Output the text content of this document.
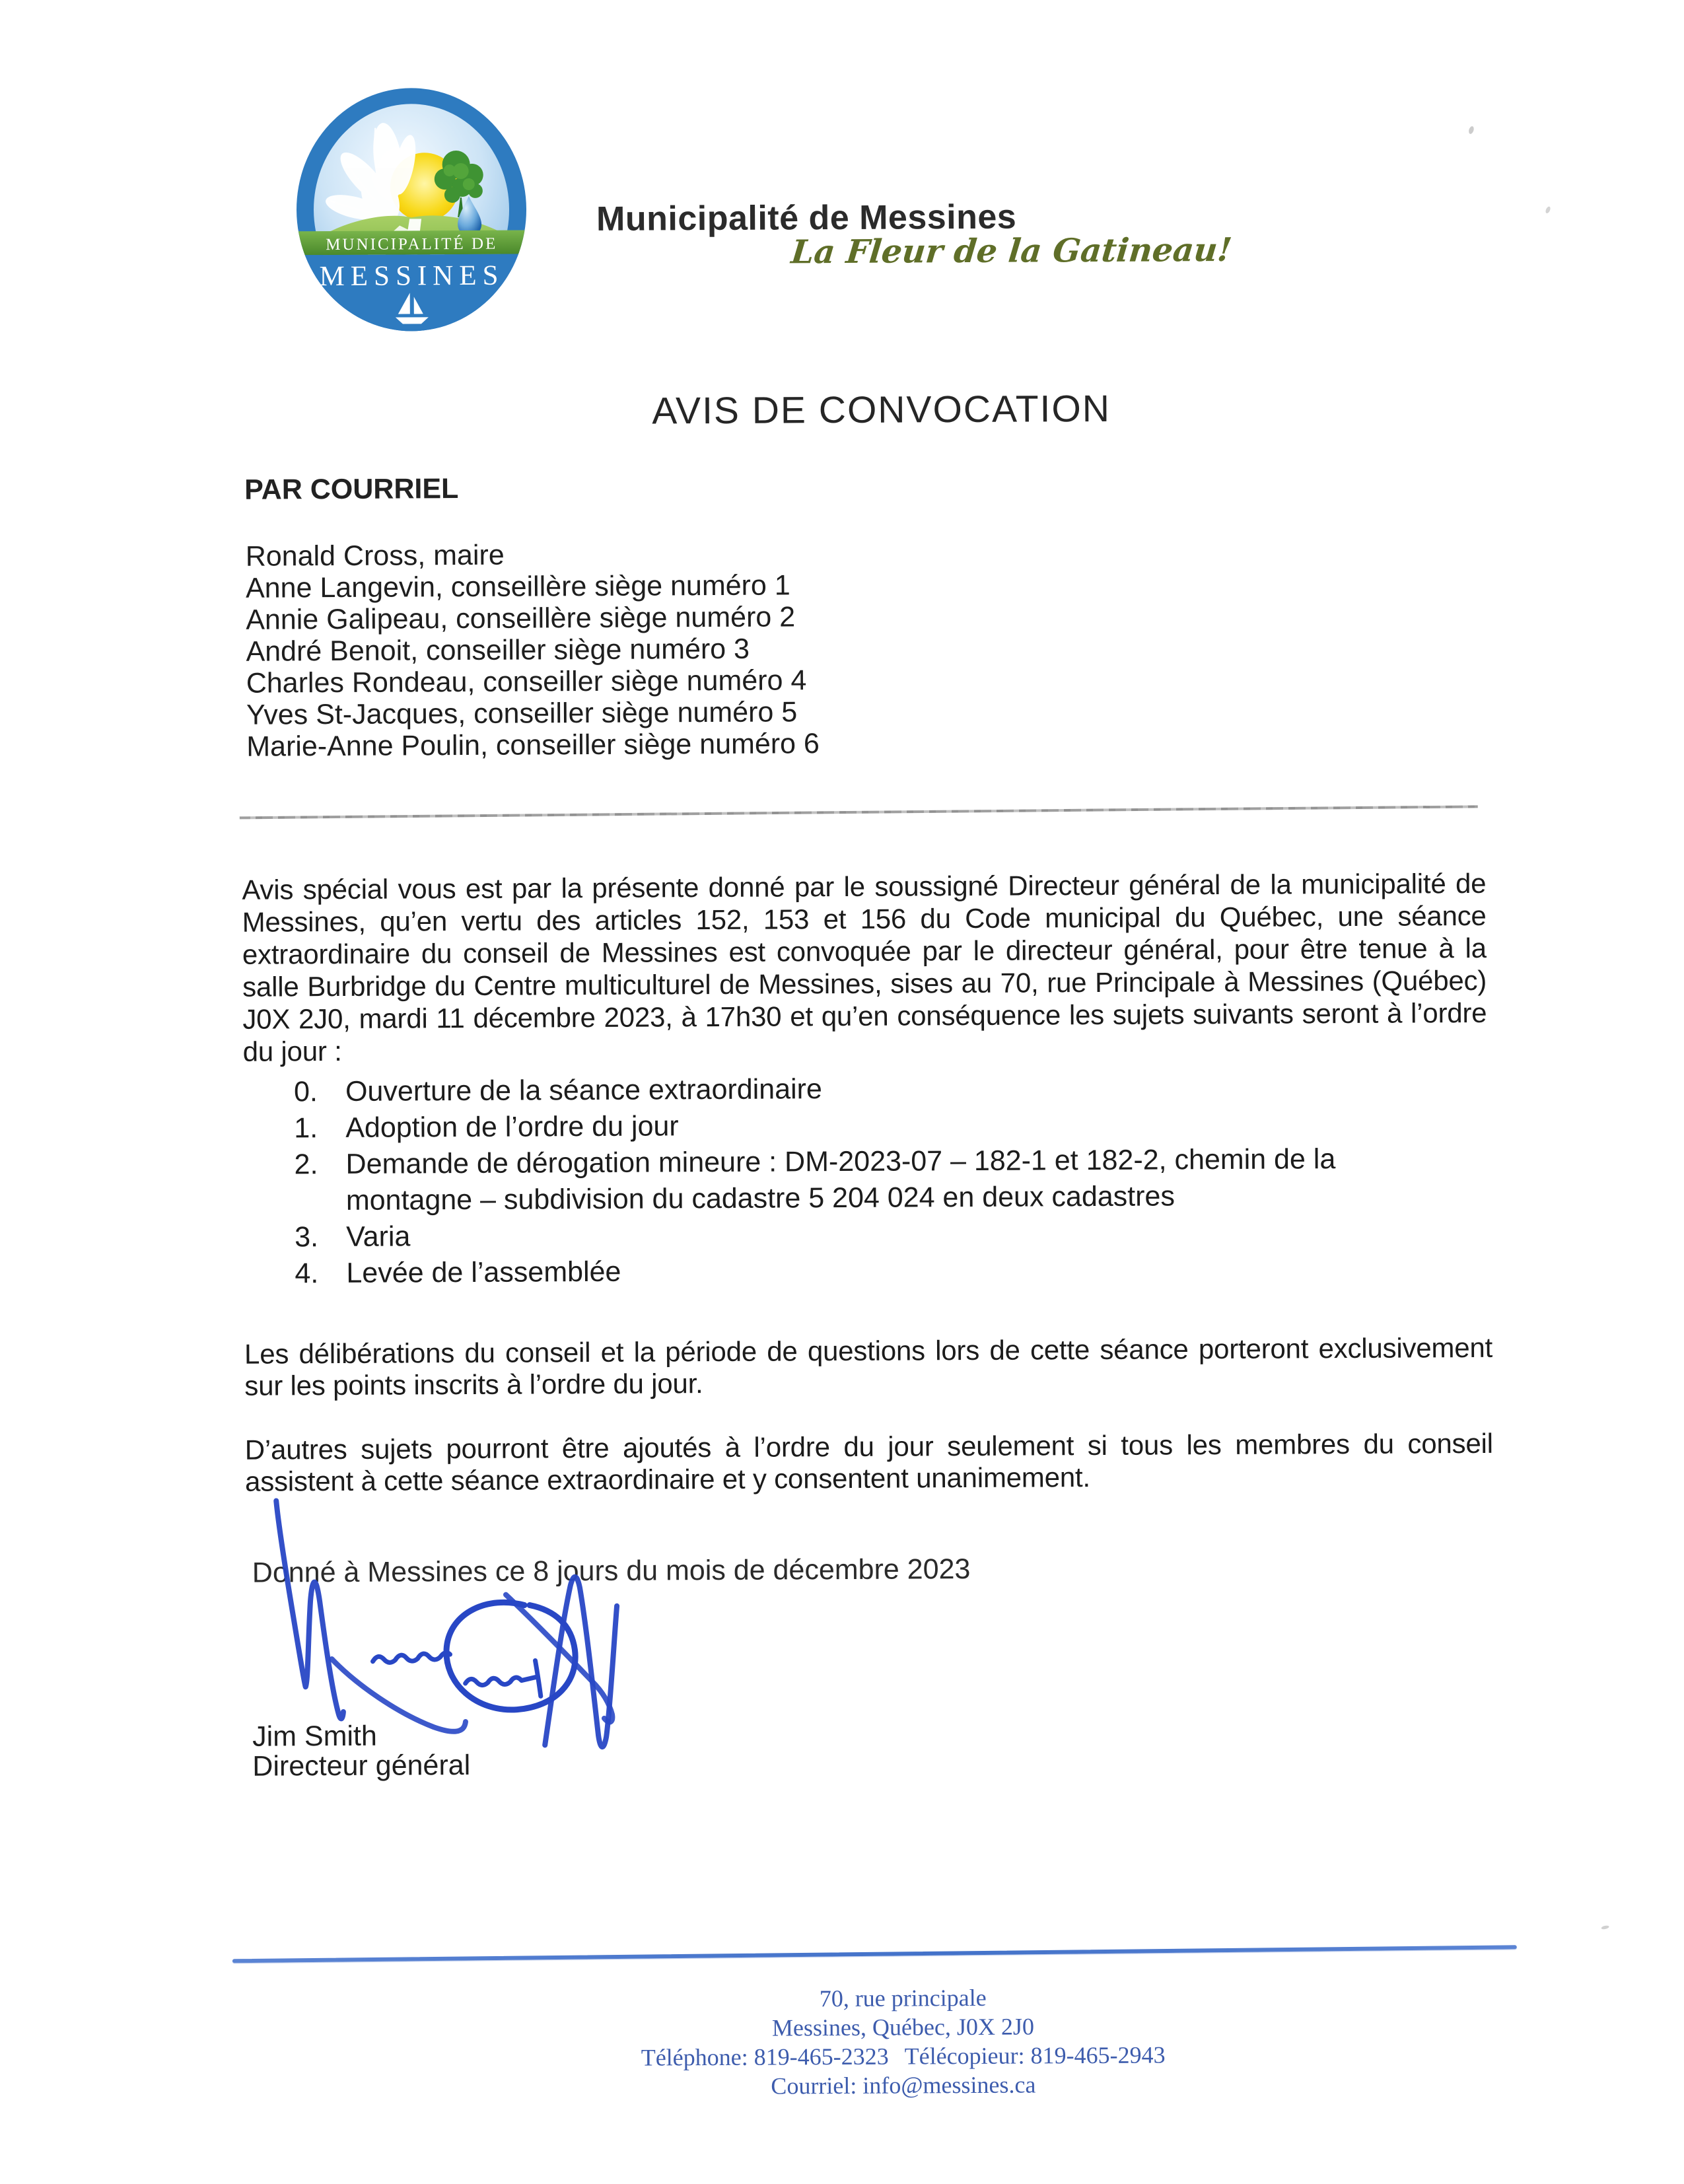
MUNICIPALITÉ DE
MESSINES
Municipalité de Messines
La Fleur de la Gatineau!
AVIS DE CONVOCATION
PAR COURRIEL
Ronald Cross, maire
Anne Langevin, conseillère siège numéro 1
Annie Galipeau, conseillère siège numéro 2
André Benoit, conseiller siège numéro 3
Charles Rondeau, conseiller siège numéro 4
Yves St-Jacques, conseiller siège numéro 5
Marie-Anne Poulin, conseiller siège numéro 6
Avis spécial vous est par la présente donné par le soussigné Directeur général de la municipalité de Messines, qu’en vertu des articles 152, 153 et 156 du Code municipal du Québec, une séance extraordinaire du conseil de Messines est convoquée par le directeur général, pour être tenue à la salle Burbridge du Centre multiculturel de Messines, sises au 70, rue Principale à Messines (Québec) J0X 2J0, mardi 11 décembre 2023, à 17h30 et qu’en conséquence les sujets suivants seront à l’ordre du jour :
0. Ouverture de la séance extraordinaire
1. Adoption de l’ordre du jour
2. Demande de dérogation mineure : DM-2023-07 – 182-1 et 182-2, chemin de la montagne – subdivision du cadastre 5 204 024 en deux cadastres
3. Varia
4. Levée de l’assemblée
Les délibérations du conseil et la période de questions lors de cette séance porteront exclusivement sur les points inscrits à l’ordre du jour.
D’autres sujets pourront être ajoutés à l’ordre du jour seulement si tous les membres du conseil assistent à cette séance extraordinaire et y consentent unanimement.
Donné à Messines ce 8 jours du mois de décembre 2023
Jim Smith
Directeur général
70, rue principale
Messines, Québec, J0X 2J0
Téléphone: 819-465-2323 Télécopieur: 819-465-2943
Courriel: info@messines.ca
